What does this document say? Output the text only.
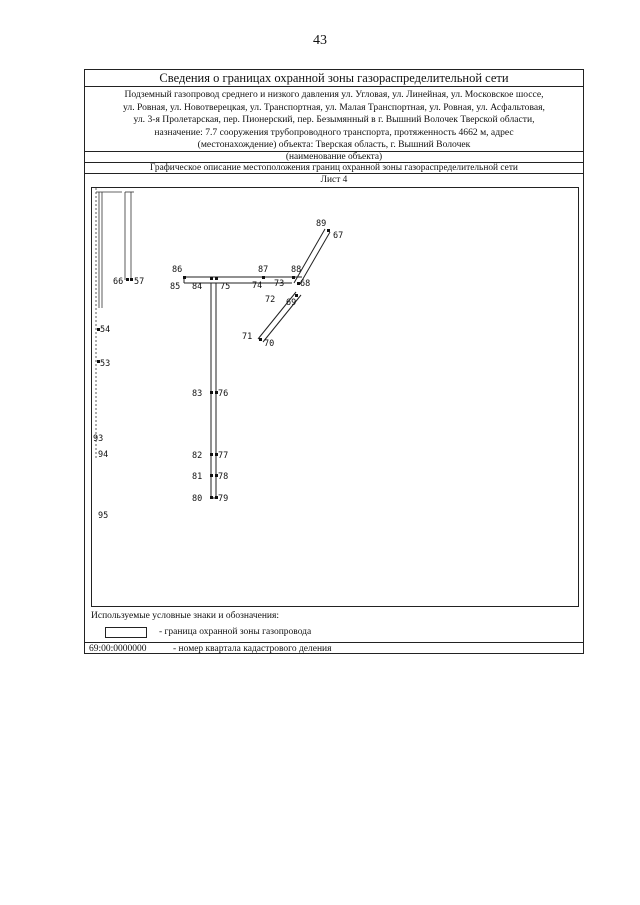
43
Сведения о границах охранной зоны газораспределительной сети
Подземный газопровод среднего и низкого давления ул. Угловая, ул. Линейная, ул. Московское шоссе,
ул. Ровная, ул. Новотверецкая, ул. Транспортная, ул. Малая Транспортная, ул. Ровная, ул. Асфальтовая,
ул. 3-я Пролетарская, пер. Пионерский, пер. Безымянный в г. Вышний Волочек Тверской области,
назначение: 7.7 сооружения трубопроводного транспорта, протяженность 4662 м, адрес
(местонахождение) объекта: Тверская область, г. Вышний Волочек
(наименование объекта)
Графическое описание местоположения границ охранной зоны газораспределительной сети
Лист 4
54
53
66 57
89
67
88
68
73
74
87
86
85 84 75
72 69
71
70
83 76
82 77
81 78
80 79
93
94
95
Используемые условные знаки и обозначения:
- граница охранной зоны газопровода
69:00:0000000	- номер квартала кадастрового деления
